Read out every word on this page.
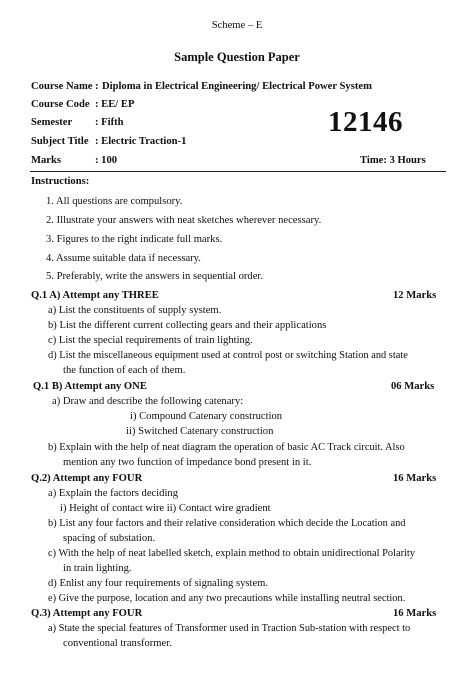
Scheme – E
Sample Question Paper
Course Name : Diploma in Electrical Engineering/ Electrical Power System
Course Code : EE/ EP
Semester : Fifth	12146
Subject Title : Electric Traction-1
Marks	: 100	Time: 3 Hours
Instructions:
1. All questions are compulsory.
2. Illustrate your answers with neat sketches wherever necessary.
3. Figures to the right indicate full marks.
4. Assume suitable data if necessary.
5. Preferably, write the answers in sequential order.
Q.1 A) Attempt any THREE	12 Marks
a) List the constituents of supply system.
b) List the different current collecting gears and their applications
c) List the special requirements of train lighting.
d) List the miscellaneous equipment used at control post or switching Station and state
the function of each of them.
Q.1 B) Attempt any ONE	06 Marks
a) Draw and describe the following catenary:
i) Compound Catenary construction
ii) Switched Catenary construction
b) Explain with the help of neat diagram the operation of basic AC Track circuit. Also
mention any two function of impedance bond present in it.
Q.2) Attempt any FOUR	16 Marks
a) Explain the factors deciding
i) Height of contact wire ii) Contact wire gradient
b) List any four factors and their relative consideration which decide the Location and
spacing of substation.
c) With the help of neat labelled sketch, explain method to obtain unidirectional Polarity
in train lighting.
d) Enlist any four requirements of signaling system.
e) Give the purpose, location and any two precautions while installing neutral section.
Q.3) Attempt any FOUR	16 Marks
a) State the special features of Transformer used in Traction Sub-station with respect to
conventional transformer.
